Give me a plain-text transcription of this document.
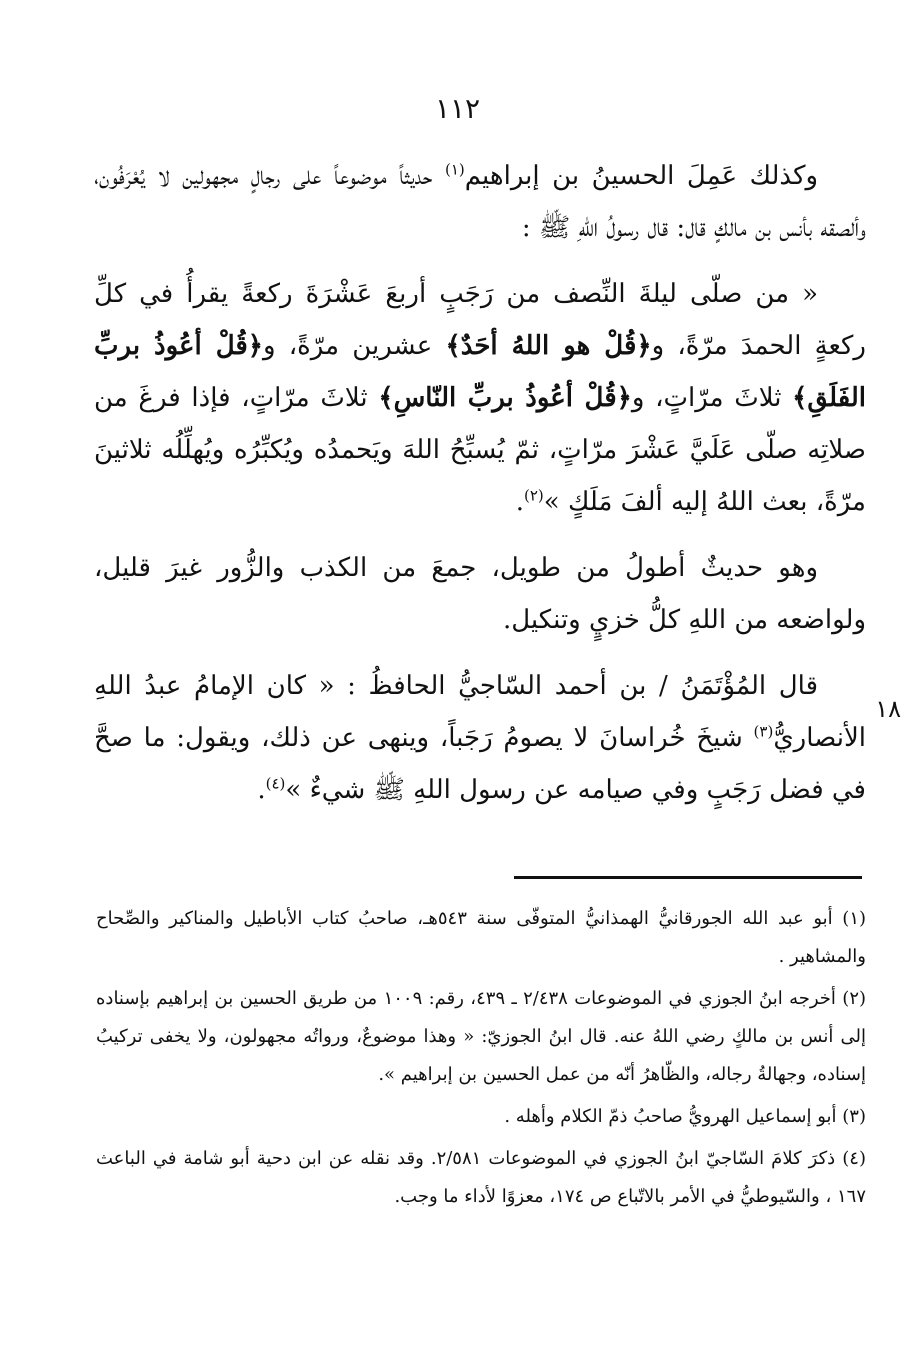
١١٢
١٨

وكذلك عَمِلَ الحسينُ بن إبراهيم$^{(١)}$ حديثاً موضوعاً على رجالٍ مجهولين لا يُعْرَفُون، وألصقه بأنس بن مالكٍ قال: قال رسولُ اللهِ ﷺ :

« من صلّى ليلةَ النِّصف من رَجَبٍ أربعَ عَشْرَةَ ركعةً يقرأُ في كلِّ ركعةٍ الحمدَ مرّةً، و﴿قُلْ هو اللهُ أحَدٌ﴾ عشرين مرّةً، و﴿قُلْ أعُوذُ بربِّ الفَلَقِ﴾ ثلاثَ مرّاتٍ، و﴿قُلْ أعُوذُ بربِّ النّاسِ﴾ ثلاثَ مرّاتٍ، فإذا فرغَ من صلاتِه صلّى عَلَيَّ عَشْرَ مرّاتٍ، ثمّ يُسبِّحُ اللهَ ويَحمدُه ويُكبِّرُه ويُهلِّلُه ثلاثينَ مرّةً، بعث اللهُ إليه ألفَ مَلَكٍ »$^{(٢)}$.

وهو حديثٌ أطولُ من طويل، جمعَ من الكذب والزُّور غيرَ قليل، ولواضعه من اللهِ كلُّ خزيٍ وتنكيل.

قال المُؤْتَمَنُ / بن أحمد السّاجيُّ الحافظُ : « كان الإمامُ عبدُ اللهِ الأنصاريُّ$^{(٣)}$ شيخَ خُراسانَ لا يصومُ رَجَباً، وينهى عن ذلك، ويقول: ما صحَّ في فضل رَجَبٍ وفي صيامه عن رسول اللهِ ﷺ شيءٌ »$^{(٤)}$.

(١) أبو عبد الله الجورقانيُّ الهمذانيُّ المتوفّى سنة ٥٤٣هـ، صاحبُ كتاب الأباطيل والمناكير والصِّحاح والمشاهير .

(٢) أخرجه ابنُ الجوزي في الموضوعات ٢/٤٣٨ ـ ٤٣٩، رقم: ١٠٠٩ من طريق الحسين بن إبراهيم بإسناده إلى أنس بن مالكٍ رضي اللهُ عنه. قال ابنُ الجوزيّ: « وهذا موضوعٌ، ورواتُه مجهولون، ولا يخفى تركيبُ إسناده، وجهالةُ رجاله، والظّاهرُ أنّه من عمل الحسين بن إبراهيم ».

(٣) أبو إسماعيل الهرويُّ صاحبُ ذمّ الكلام وأهله .

(٤) ذكرَ كلامَ السّاجيّ ابنُ الجوزي في الموضوعات ٢/٥٨١. وقد نقله عن ابن دحية أبو شامة في الباعث ١٦٧ ، والسّيوطيُّ في الأمر بالاتّباع ص ١٧٤، معزوًا لأداء ما وجب.
